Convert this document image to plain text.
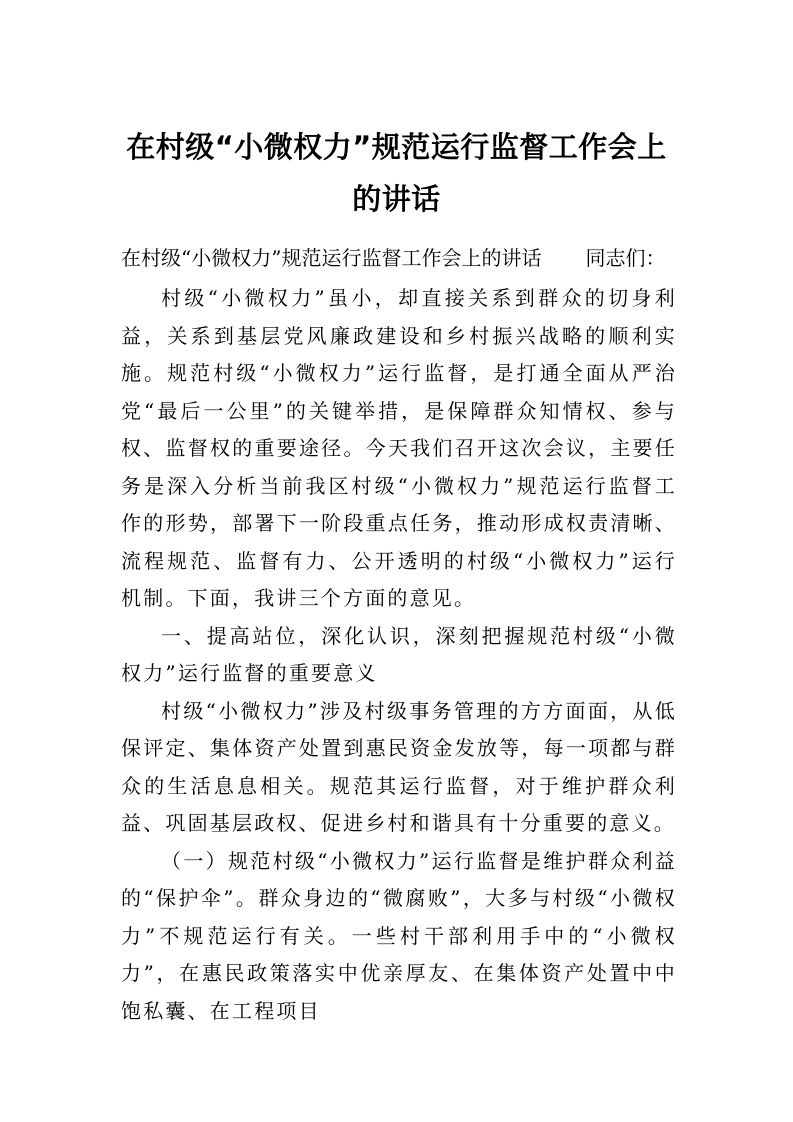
在村级“小微权力”规范运行监督工作会上
的讲话

在村级“小微权力”规范运行监督工作会上的讲话 同志们：

村级“小微权力”虽小，却直接关系到群众的切身利益，关系到基层党风廉政建设和乡村振兴战略的顺利实施。规范村级“小微权力”运行监督，是打通全面从严治党“最后一公里”的关键举措，是保障群众知情权、参与权、监督权的重要途径。今天我们召开这次会议，主要任务是深入分析当前我区村级“小微权力”规范运行监督工作的形势，部署下一阶段重点任务，推动形成权责清晰、流程规范、监督有力、公开透明的村级“小微权力”运行机制。下面，我讲三个方面的意见。

一、提高站位，深化认识，深刻把握规范村级“小微权力”运行监督的重要意义

村级“小微权力”涉及村级事务管理的方方面面，从低保评定、集体资产处置到惠民资金发放等，每一项都与群众的生活息息相关。规范其运行监督，对于维护群众利益、巩固基层政权、促进乡村和谐具有十分重要的意义。

（一）规范村级“小微权力”运行监督是维护群众利益的“保护伞”。群众身边的“微腐败”，大多与村级“小微权力”不规范运行有关。一些村干部利用手中的“小微权力”，在惠民政策落实中优亲厚友、在集体资产处置中中饱私囊、在工程项目
